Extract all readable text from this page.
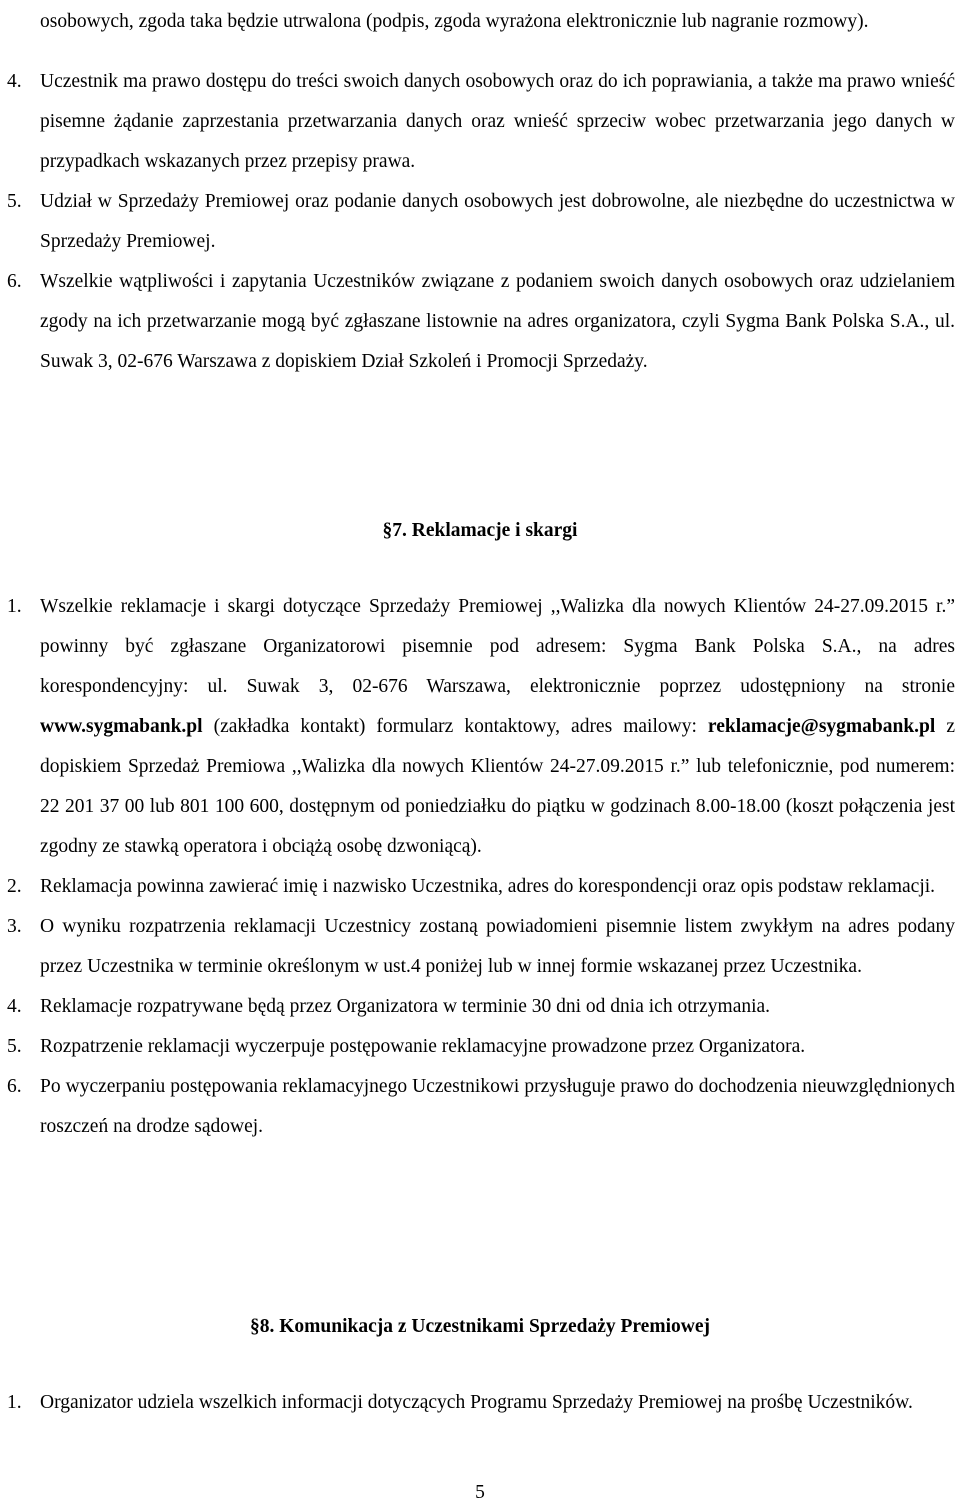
osobowych, zgoda taka będzie utrwalona (podpis, zgoda wyrażona elektronicznie lub nagranie rozmowy).
4. Uczestnik ma prawo dostępu do treści swoich danych osobowych oraz do ich poprawiania, a także ma prawo wnieść pisemne żądanie zaprzestania przetwarzania danych oraz wnieść sprzeciw wobec przetwarzania jego danych w przypadkach wskazanych przez przepisy prawa.
5. Udział w Sprzedaży Premiowej oraz podanie danych osobowych jest dobrowolne, ale niezbędne do uczestnictwa w Sprzedaży Premiowej.
6. Wszelkie wątpliwości i zapytania Uczestników związane z podaniem swoich danych osobowych oraz udzielaniem zgody na ich przetwarzanie mogą być zgłaszane listownie na adres organizatora, czyli Sygma Bank Polska S.A., ul. Suwak 3, 02-676 Warszawa z dopiskiem Dział Szkoleń i Promocji Sprzedaży.
§7. Reklamacje i skargi
1. Wszelkie reklamacje i skargi dotyczące Sprzedaży Premiowej ,,Walizka dla nowych Klientów 24-27.09.2015 r.” powinny być zgłaszane Organizatorowi pisemnie pod adresem: Sygma Bank Polska S.A., na adres korespondencyjny: ul. Suwak 3, 02-676 Warszawa, elektronicznie poprzez udostępniony na stronie www.sygmabank.pl (zakładka kontakt) formularz kontaktowy, adres mailowy: reklamacje@sygmabank.pl z dopiskiem Sprzedaż Premiowa ,,Walizka dla nowych Klientów 24-27.09.2015 r.” lub telefonicznie, pod numerem: 22 201 37 00 lub 801 100 600, dostępnym od poniedziałku do piątku w godzinach 8.00-18.00 (koszt połączenia jest zgodny ze stawką operatora i obciążą osobę dzwoniącą).
2. Reklamacja powinna zawierać imię i nazwisko Uczestnika, adres do korespondencji oraz opis podstaw reklamacji.
3. O wyniku rozpatrzenia reklamacji Uczestnicy zostaną powiadomieni pisemnie listem zwykłym na adres podany przez Uczestnika w terminie określonym w ust.4 poniżej lub w innej formie wskazanej przez Uczestnika.
4. Reklamacje rozpatrywane będą przez Organizatora w terminie 30 dni od dnia ich otrzymania.
5. Rozpatrzenie reklamacji wyczerpuje postępowanie reklamacyjne prowadzone przez Organizatora.
6. Po wyczerpaniu postępowania reklamacyjnego Uczestnikowi przysługuje prawo do dochodzenia nieuwzględnionych roszczeń na drodze sądowej.
§8. Komunikacja z Uczestnikami Sprzedaży Premiowej
1. Organizator udziela wszelkich informacji dotyczących Programu Sprzedaży Premiowej na prośbę Uczestników.
5
